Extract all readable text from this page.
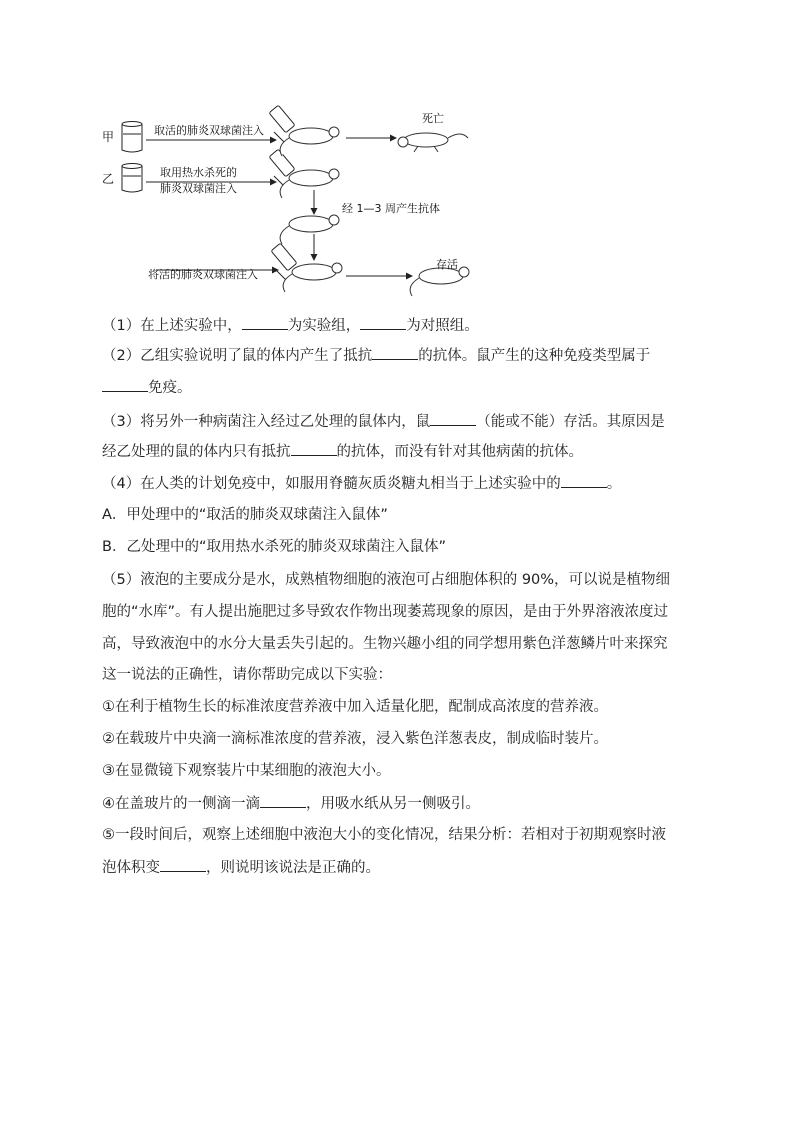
甲
乙
取活的肺炎双球菌注入
取用热水杀死的
肺炎双球菌注入
死亡
经 1—3 周产生抗体
将活的肺炎双球菌注入
存活
（1）在上述实验中，	为实验组，	为对照组。
（2）乙组实验说明了鼠的体内产生了抵抗	的抗体。鼠产生的这种免疫类型属于
免疫。
（3）将另外一种病菌注入经过乙处理的鼠体内，鼠	（能或不能）存活。其原因是
经乙处理的鼠的体内只有抵抗	的抗体，而没有针对其他病菌的抗体。
（4）在人类的计划免疫中，如服用脊髓灰质炎糖丸相当于上述实验中的	。
A．甲处理中的“取活的肺炎双球菌注入鼠体”
B．乙处理中的“取用热水杀死的肺炎双球菌注入鼠体”
（5）液泡的主要成分是水，成熟植物细胞的液泡可占细胞体积的 90%，可以说是植物细
胞的“水库”。有人提出施肥过多导致农作物出现萎蔫现象的原因，是由于外界溶液浓度过
高，导致液泡中的水分大量丢失引起的。生物兴趣小组的同学想用紫色洋葱鳞片叶来探究
这一说法的正确性，请你帮助完成以下实验：
①在利于植物生长的标准浓度营养液中加入适量化肥，配制成高浓度的营养液。
②在载玻片中央滴一滴标准浓度的营养液，浸入紫色洋葱表皮，制成临时装片。
③在显微镜下观察装片中某细胞的液泡大小。
④在盖玻片的一侧滴一滴	，用吸水纸从另一侧吸引。
⑤一段时间后，观察上述细胞中液泡大小的变化情况，结果分析：若相对于初期观察时液
泡体积变	，则说明该说法是正确的。
